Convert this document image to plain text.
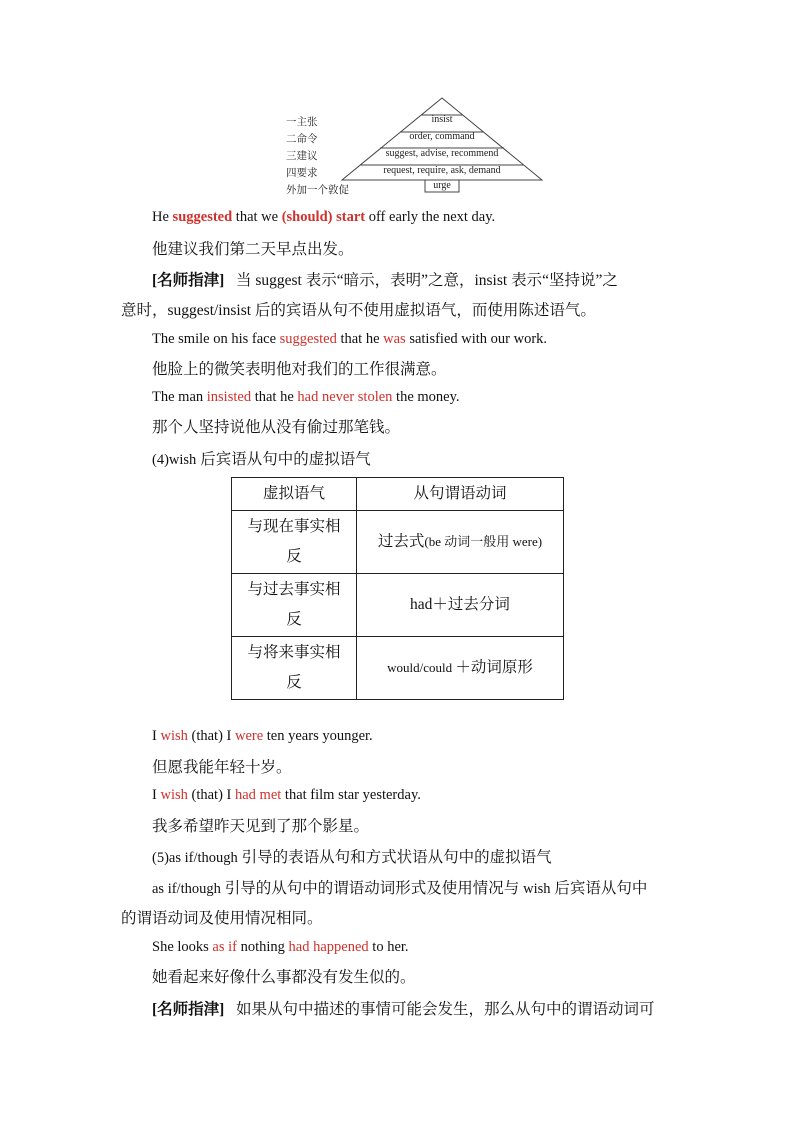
一主张
二命令
三建议
四要求
外加一个敦促
insist
order, command
suggest, advise, recommend
request, require, ask, demand
urge
He suggested that we (should) start off early the next day.
他建议我们第二天早点出发。
[名师指津] 当 suggest 表示“暗示，表明”之意，insist 表示“坚持说”之
意时，suggest/insist 后的宾语从句不使用虚拟语气，而使用陈述语气。
The smile on his face suggested that he was satisfied with our work.
他脸上的微笑表明他对我们的工作很满意。
The man insisted that he had never stolen the money.
那个人坚持说他从没有偷过那笔钱。
(4)wish 后宾语从句中的虚拟语气
虚拟语气	从句谓语动词

与现在事实相
反	过去式(be 动词一般用 were)

与过去事实相
反	had＋过去分词

与将来事实相
反	would/could ＋动词原形
I wish (that) I were ten years younger.
但愿我能年轻十岁。
I wish (that) I had met that film star yesterday.
我多希望昨天见到了那个影星。
(5)as if/though 引导的表语从句和方式状语从句中的虚拟语气
as if/though 引导的从句中的谓语动词形式及使用情况与 wish 后宾语从句中
的谓语动词及使用情况相同。
She looks as if nothing had happened to her.
她看起来好像什么事都没有发生似的。
[名师指津] 如果从句中描述的事情可能会发生，那么从句中的谓语动词可
